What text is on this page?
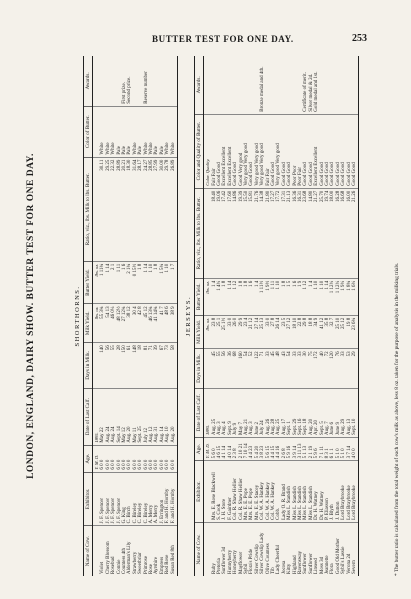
BUTTER TEST FOR ONE DAY.	253
LONDON, ENGLAND, DAIRY SHOW. BUTTER TEST FOR ONE DAY.	SHORTHORNS.
Name of Cow.	Exhibitor.	Age.	Date of Last Calf.	Days in Milk.	Milk Yield.	Butter Yield.	Ratio, viz., lbs. Milk to lbs. Butter.	Color of Butter.	Awards.
		Y. M. D.	1895.		lbs. oz.	lbs. oz.			
Violet	J. F. Spencer	6 0 0	May 22	140	55 3¾	1 11¾	30.11	White	
Cherry Blossom	J. F. Spencer	6 0 0	Aug. 24	56	54 13	1 14	29.25	White	
Rosebud	J. F. Spencer	6 0 0	Aug. 24	55	46 0¼	2 1	22.32	White	
Connie	J. F. Spencer	6 0 0	Sept. 14	28	48 12½	1 11	28.89	Pale	
Countess 4th	G. King	6 0 0	May 12	150	27 12¾	1 6	20.21	Pale	First prize.
Alderman's Lily	C. Birch	6 0 0	Aug. 20	61	38 12	2 1¾	18.30	Pale	Second prize.
Strawberry	C. Bireley	6 0 0	May 11	148	30 4	0 15½	31.64	White	
Sweetbriar	C. Bireley	6 0 0	Sept. 25	18	42 8	1 8	28.17	Pale	
Primrose	C. Bireley	6 0 0	July 12	81	45 12	1 14	24.27	White	Reserve number
Rose	A. Merry	6 0 0	Aug. 12	71	46 13¾	1 10	28.85	White	
Ayrshire	A. Merry	6 0 0	Aug. 31	39	41 14¾	1 8	27.99	Pale	
Empress	J. Errington	6 0 0	Aug. 14	67	41 7	1 5¾	30.00	Pale	
Red Rose	F. and H. Hornby	6 0 0	Aug. 10	73	48 6	1 10	29.78	White	
Susan Red 8th	F. and H. Hornby	6 0 0	Aug. 20	58	38 9	1 7	26.89	White	
JERSEYS.
Name of Cow.	Exhibitor.	Age.	Date of Last Calf.	Days in Milk.	Milk Yield.	Butter Yield.	Ratio, viz., lbs. Milk to lbs. Butter.	Color and Quality of Butter.	Awards.
		Y. M. D.	1895.		lbs. oz.	lbs. oz.		Color. Quality.	
Ruby	Mrs. E. Rose Blackwell	5 6 0	Aug. 25	45	23 8	1 4	18.40	Fair Fair	
Pretoria	S. Cook	4 6 15	Aug. 3	55	25 1	1 4¼	19.06	Good Good	
Sunflower 3d	J. H. Store	4 1 14	Aug. 4	56	25 1½	1 8	17.42	Excellent Excellent	
Hunnyberry	F. Gairdner	4 0 14	Sept. 9	36	33 0	1 14	17.60	Excellent Excellent	
Honeyberry	Col. R. Shaw Hellier	2 3 8	July 9	68	26 0	1 12	14.86	Good Good	
Mayflower	Col. R. Shaw Hellier	2 10 21	May 7	160	29 9	1 8	19.39	Good Very good	
Sybil	Mrs. E. E. Pope	7 10 14	Aug. 21	54	23 4	1 8	15.50	Very good Very good	
Flora's Pride	Mrs. E. E. Pope	4 4 23	Aug. 3	52	21 12	1 6	15.81	Good Good	
Silver Cowslip	Mrs. E. E. Stacey	5 4 20	June 2	122	27 14	1 4	21.76	Very good Very good	
Silver Cowslip Lady	Col. W. A. Hankey	3 8 23	July 24	71	25 13	1 11½	14.38	Very good Very good	Bronze medal and 4th.
Olive Countess	Col. W. A. Hankey	5 6 15	Aug. 26	33	33 0	1 9½	21.80	Fair Fair	
Tib	Col. W. A. Hankey	4 4 15	Aug. 28	45	27 8	1 11	17.27	Good Good	
Lady Cheerful	Cobb.	4 4 16	Aug. 25	48	26 14	1 10	17.72	Very good Very good	
Jocosa	Lady O. R. Brand	2 6 8	Aug. 17	43	23 5	1 8	17.31	Good Good	
Kitty	Miss L. Standish	5 9 16	Sept. 1	54	27 12	1 5	21.13	Good Good	
Highland	Miss L. Standish	3 9 14	Sept. 29	33	18 10	1 6	16.36	Poor Poor	
Ravensway	Miss L. Standish	3 11 13	Sept. 16	33	22 8	1 9	16.31	Poor Fair	
Sunflower	Miss L. Standish	5 1 13	Sept. 18	30	29 8	1 12	23.68	Good Good	Certificate of merit.
Sunflower	Miss L. Standish	2 1 19	Aug. 20	75	18 8	1 4	14.80	Good Good	Silver medal & 2d.
Linseed	Dr. H. Watney	5 9 6	Apr. 20	172	34 9	1 10	21.27	Excellent Excellent	Gold medal and 1st.
Moss 3d	Dr. H. Watney	7 1 11	Sept. 5	40	41 12	1 10	25.70	Good Good	
Jeannette	P. Eliasson	8 3 1	Aug. 7	72	35 8	1 14	19.74	Good Good	
Flora	J. Blyth	6 1 1	June 6	120	32 7	1 12¼	18.00	Good Good	
Good Old Mother	J. Dutton	5 1 0	June 9	76	25 10	1 12¼	16.28	Good Good	
Sybil's Lassie	Lord Braybrooke	5 1 0	Aug. 29	33	25 12	1 9¼	16.68	Good Good	
Verona 2d	Lord Braybrooke	3 7 14	Aug. 13	53	19 8	1 8¾	16.00	Good Good	
Severn	Lord Braybrooke	4 0 0	Sept. 10	29	23 6¾	1 6¼	21.26	Good Good	
* The butter ratio is calculated from the total weight of each cow's milk as above, less 8 oz. taken for the purpose of analysis in the milking trials.
